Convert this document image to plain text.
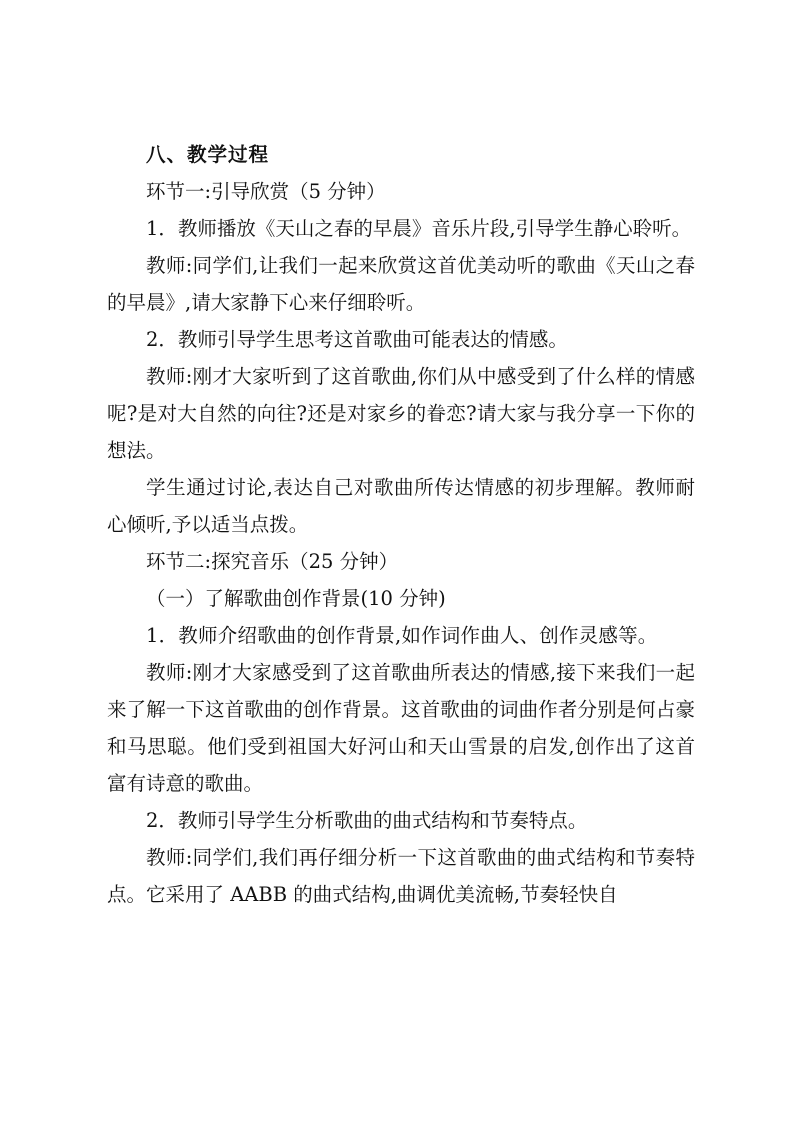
八、教学过程

环节一:引导欣赏（5 分钟）

1．教师播放《天山之春的早晨》音乐片段,引导学生静心聆听。

教师:同学们,让我们一起来欣赏这首优美动听的歌曲《天山之春的早晨》,请大家静下心来仔细聆听。

2．教师引导学生思考这首歌曲可能表达的情感。

教师:刚才大家听到了这首歌曲,你们从中感受到了什么样的情感呢?是对大自然的向往?还是对家乡的眷恋?请大家与我分享一下你的想法。

学生通过讨论,表达自己对歌曲所传达情感的初步理解。教师耐心倾听,予以适当点拨。

环节二:探究音乐（25 分钟）

（一）了解歌曲创作背景(10 分钟)

1．教师介绍歌曲的创作背景,如作词作曲人、创作灵感等。

教师:刚才大家感受到了这首歌曲所表达的情感,接下来我们一起来了解一下这首歌曲的创作背景。这首歌曲的词曲作者分别是何占豪和马思聪。他们受到祖国大好河山和天山雪景的启发,创作出了这首富有诗意的歌曲。

2．教师引导学生分析歌曲的曲式结构和节奏特点。

教师:同学们,我们再仔细分析一下这首歌曲的曲式结构和节奏特点。它采用了 AABB 的曲式结构,曲调优美流畅,节奏轻快自
